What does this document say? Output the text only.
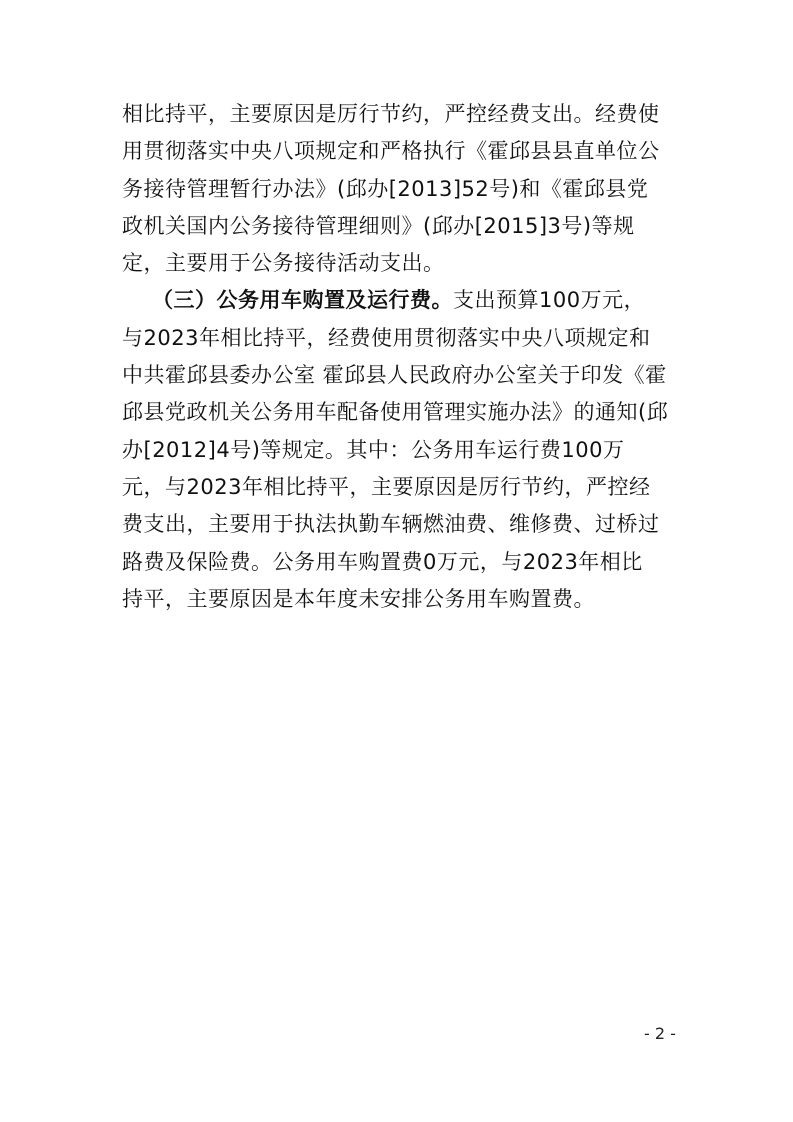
相比持平，主要原因是厉行节约，严控经费支出。经费使
用贯彻落实中央八项规定和严格执行《霍邱县县直单位公
务接待管理暂行办法》(邱办[2013]52号)和《霍邱县党
政机关国内公务接待管理细则》(邱办[2015]3号)等规
定，主要用于公务接待活动支出。
（三）公务用车购置及运行费。支出预算100万元，
与2023年相比持平，经费使用贯彻落实中央八项规定和
中共霍邱县委办公室 霍邱县人民政府办公室关于印发《霍
邱县党政机关公务用车配备使用管理实施办法》的通知(邱
办[2012]4号)等规定。其中：公务用车运行费100万
元，与2023年相比持平，主要原因是厉行节约，严控经
费支出，主要用于执法执勤车辆燃油费、维修费、过桥过
路费及保险费。公务用车购置费0万元，与2023年相比
持平，主要原因是本年度未安排公务用车购置费。
- 2 -
